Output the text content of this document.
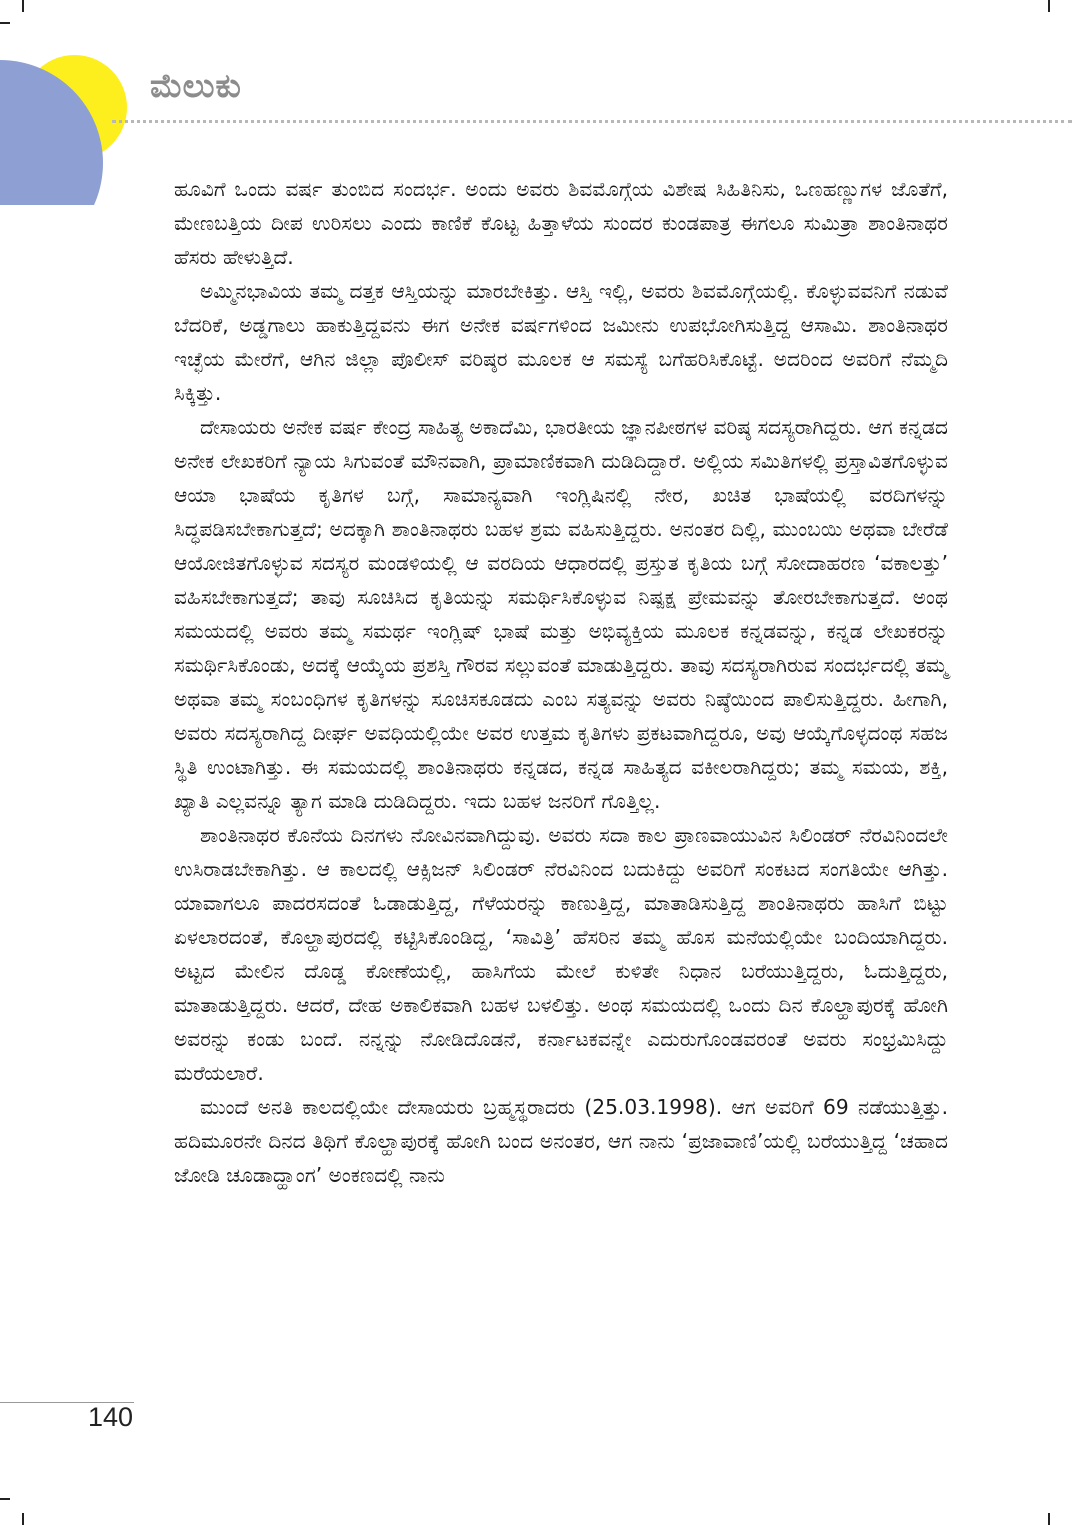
ಮೆಲುಕು

ಹೂವಿಗೆ ಒಂದು ವರ್ಷ ತುಂಬಿದ ಸಂದರ್ಭ. ಅಂದು ಅವರು ಶಿವಮೊಗ್ಗೆಯ ವಿಶೇಷ ಸಿಹಿತಿನಿಸು, ಒಣಹಣ್ಣುಗಳ ಜೊತೆಗೆ, ಮೇಣಬತ್ತಿಯ ದೀಪ ಉರಿಸಲು ಎಂದು ಕಾಣಿಕೆ ಕೊಟ್ಟ ಹಿತ್ತಾಳೆಯ ಸುಂದರ ಕುಂಡಪಾತ್ರ ಈಗಲೂ ಸುಮಿತ್ರಾ ಶಾಂತಿನಾಥರ ಹೆಸರು ಹೇಳುತ್ತಿದೆ.

ಅಮ್ಮಿನಭಾವಿಯ ತಮ್ಮ ದತ್ತಕ ಆಸ್ತಿಯನ್ನು ಮಾರಬೇಕಿತ್ತು. ಆಸ್ತಿ ಇಲ್ಲಿ, ಅವರು ಶಿವಮೊಗ್ಗೆಯಲ್ಲಿ. ಕೊಳ್ಳುವವನಿಗೆ ನಡುವೆ ಬೆದರಿಕೆ, ಅಡ್ಡಗಾಲು ಹಾಕುತ್ತಿದ್ದವನು ಈಗ ಅನೇಕ ವರ್ಷಗಳಿಂದ ಜಮೀನು ಉಪಭೋಗಿಸುತ್ತಿದ್ದ ಆಸಾಮಿ. ಶಾಂತಿನಾಥರ ಇಚ್ಛೆಯ ಮೇರೆಗೆ, ಆಗಿನ ಜಿಲ್ಲಾ ಪೊಲೀಸ್ ವರಿಷ್ಠರ ಮೂಲಕ ಆ ಸಮಸ್ಯೆ ಬಗೆಹರಿಸಿಕೊಟ್ಟೆ. ಅದರಿಂದ ಅವರಿಗೆ ನೆಮ್ಮದಿ ಸಿಕ್ಕಿತ್ತು.

ದೇಸಾಯರು ಅನೇಕ ವರ್ಷ ಕೇಂದ್ರ ಸಾಹಿತ್ಯ ಅಕಾದೆಮಿ, ಭಾರತೀಯ ಜ್ಞಾನಪೀಠಗಳ ವರಿಷ್ಠ ಸದಸ್ಯರಾಗಿದ್ದರು. ಆಗ ಕನ್ನಡದ ಅನೇಕ ಲೇಖಕರಿಗೆ ನ್ಯಾಯ ಸಿಗುವಂತೆ ಮೌನವಾಗಿ, ಪ್ರಾಮಾಣಿಕವಾಗಿ ದುಡಿದಿದ್ದಾರೆ. ಅಲ್ಲಿಯ ಸಮಿತಿಗಳಲ್ಲಿ ಪ್ರಸ್ತಾವಿತಗೊಳ್ಳುವ ಆಯಾ ಭಾಷೆಯ ಕೃತಿಗಳ ಬಗ್ಗೆ, ಸಾಮಾನ್ಯವಾಗಿ ಇಂಗ್ಲಿಷಿನಲ್ಲಿ ನೇರ, ಖಚಿತ ಭಾಷೆಯಲ್ಲಿ ವರದಿಗಳನ್ನು ಸಿದ್ಧಪಡಿಸಬೇಕಾಗುತ್ತದೆ; ಅದಕ್ಕಾಗಿ ಶಾಂತಿನಾಥರು ಬಹಳ ಶ್ರಮ ವಹಿಸುತ್ತಿದ್ದರು. ಅನಂತರ ದಿಲ್ಲಿ, ಮುಂಬಯಿ ಅಥವಾ ಬೇರೆಡೆ ಆಯೋಜಿತಗೊಳ್ಳುವ ಸದಸ್ಯರ ಮಂಡಳಿಯಲ್ಲಿ ಆ ವರದಿಯ ಆಧಾರದಲ್ಲಿ ಪ್ರಸ್ತುತ ಕೃತಿಯ ಬಗ್ಗೆ ಸೋದಾಹರಣ ‘ವಕಾಲತ್ತು’ ವಹಿಸಬೇಕಾಗುತ್ತದೆ; ತಾವು ಸೂಚಿಸಿದ ಕೃತಿಯನ್ನು ಸಮರ್ಥಿಸಿಕೊಳ್ಳುವ ನಿಷ್ಪಕ್ಷ ಪ್ರೇಮವನ್ನು ತೋರಬೇಕಾಗುತ್ತದೆ. ಅಂಥ ಸಮಯದಲ್ಲಿ ಅವರು ತಮ್ಮ ಸಮರ್ಥ ಇಂಗ್ಲಿಷ್ ಭಾಷೆ ಮತ್ತು ಅಭಿವ್ಯಕ್ತಿಯ ಮೂಲಕ ಕನ್ನಡವನ್ನು, ಕನ್ನಡ ಲೇಖಕರನ್ನು ಸಮರ್ಥಿಸಿಕೊಂಡು, ಅದಕ್ಕೆ ಆಯ್ಕೆಯ ಪ್ರಶಸ್ತಿ ಗೌರವ ಸಲ್ಲುವಂತೆ ಮಾಡುತ್ತಿದ್ದರು. ತಾವು ಸದಸ್ಯರಾಗಿರುವ ಸಂದರ್ಭದಲ್ಲಿ ತಮ್ಮ ಅಥವಾ ತಮ್ಮ ಸಂಬಂಧಿಗಳ ಕೃತಿಗಳನ್ನು ಸೂಚಿಸಕೂಡದು ಎಂಬ ಸತ್ಯವನ್ನು ಅವರು ನಿಷ್ಠೆಯಿಂದ ಪಾಲಿಸುತ್ತಿದ್ದರು. ಹೀಗಾಗಿ, ಅವರು ಸದಸ್ಯರಾಗಿದ್ದ ದೀರ್ಘ ಅವಧಿಯಲ್ಲಿಯೇ ಅವರ ಉತ್ತಮ ಕೃತಿಗಳು ಪ್ರಕಟವಾಗಿದ್ದರೂ, ಅವು ಆಯ್ಕೆಗೊಳ್ಳದಂಥ ಸಹಜ ಸ್ಥಿತಿ ಉಂಟಾಗಿತ್ತು. ಈ ಸಮಯದಲ್ಲಿ ಶಾಂತಿನಾಥರು ಕನ್ನಡದ, ಕನ್ನಡ ಸಾಹಿತ್ಯದ ವಕೀಲರಾಗಿದ್ದರು; ತಮ್ಮ ಸಮಯ, ಶಕ್ತಿ, ಖ್ಯಾತಿ ಎಲ್ಲವನ್ನೂ ತ್ಯಾಗ ಮಾಡಿ ದುಡಿದಿದ್ದರು. ಇದು ಬಹಳ ಜನರಿಗೆ ಗೊತ್ತಿಲ್ಲ.

ಶಾಂತಿನಾಥರ ಕೊನೆಯ ದಿನಗಳು ನೋವಿನವಾಗಿದ್ದುವು. ಅವರು ಸದಾ ಕಾಲ ಪ್ರಾಣವಾಯುವಿನ ಸಿಲಿಂಡರ್ ನೆರವಿನಿಂದಲೇ ಉಸಿರಾಡಬೇಕಾಗಿತ್ತು. ಆ ಕಾಲದಲ್ಲಿ ಆಕ್ಸಿಜನ್ ಸಿಲಿಂಡರ್ ನೆರವಿನಿಂದ ಬದುಕಿದ್ದು ಅವರಿಗೆ ಸಂಕಟದ ಸಂಗತಿಯೇ ಆಗಿತ್ತು. ಯಾವಾಗಲೂ ಪಾದರಸದಂತೆ ಓಡಾಡುತ್ತಿದ್ದ, ಗೆಳೆಯರನ್ನು ಕಾಣುತ್ತಿದ್ದ, ಮಾತಾಡಿಸುತ್ತಿದ್ದ ಶಾಂತಿನಾಥರು ಹಾಸಿಗೆ ಬಿಟ್ಟು ಏಳಲಾರದಂತೆ, ಕೊಲ್ಹಾಪುರದಲ್ಲಿ ಕಟ್ಟಿಸಿಕೊಂಡಿದ್ದ, ‘ಸಾವಿತ್ರಿ’ ಹೆಸರಿನ ತಮ್ಮ ಹೊಸ ಮನೆಯಲ್ಲಿಯೇ ಬಂದಿಯಾಗಿದ್ದರು. ಅಟ್ಟದ ಮೇಲಿನ ದೊಡ್ಡ ಕೋಣೆಯಲ್ಲಿ, ಹಾಸಿಗೆಯ ಮೇಲೆ ಕುಳಿತೇ ನಿಧಾನ ಬರೆಯುತ್ತಿದ್ದರು, ಓದುತ್ತಿದ್ದರು, ಮಾತಾಡುತ್ತಿದ್ದರು. ಆದರೆ, ದೇಹ ಅಕಾಲಿಕವಾಗಿ ಬಹಳ ಬಳಲಿತ್ತು. ಅಂಥ ಸಮಯದಲ್ಲಿ ಒಂದು ದಿನ ಕೊಲ್ಹಾಪುರಕ್ಕೆ ಹೋಗಿ ಅವರನ್ನು ಕಂಡು ಬಂದೆ. ನನ್ನನ್ನು ನೋಡಿದೊಡನೆ, ಕರ್ನಾಟಕವನ್ನೇ ಎದುರುಗೊಂಡವರಂತೆ ಅವರು ಸಂಭ್ರಮಿಸಿದ್ದು ಮರೆಯಲಾರೆ.

ಮುಂದೆ ಅನತಿ ಕಾಲದಲ್ಲಿಯೇ ದೇಸಾಯರು ಬ್ರಹ್ಮಸ್ಥರಾದರು (25.03.1998). ಆಗ ಅವರಿಗೆ 69 ನಡೆಯುತ್ತಿತ್ತು. ಹದಿಮೂರನೇ ದಿನದ ತಿಥಿಗೆ ಕೊಲ್ಹಾಪುರಕ್ಕೆ ಹೋಗಿ ಬಂದ ಅನಂತರ, ಆಗ ನಾನು ‘ಪ್ರಜಾವಾಣಿ’ಯಲ್ಲಿ ಬರೆಯುತ್ತಿದ್ದ ‘ಚಹಾದ ಜೋಡಿ ಚೂಡಾದ್ಹಾಂಗ’ ಅಂಕಣದಲ್ಲಿ ನಾನು

140
